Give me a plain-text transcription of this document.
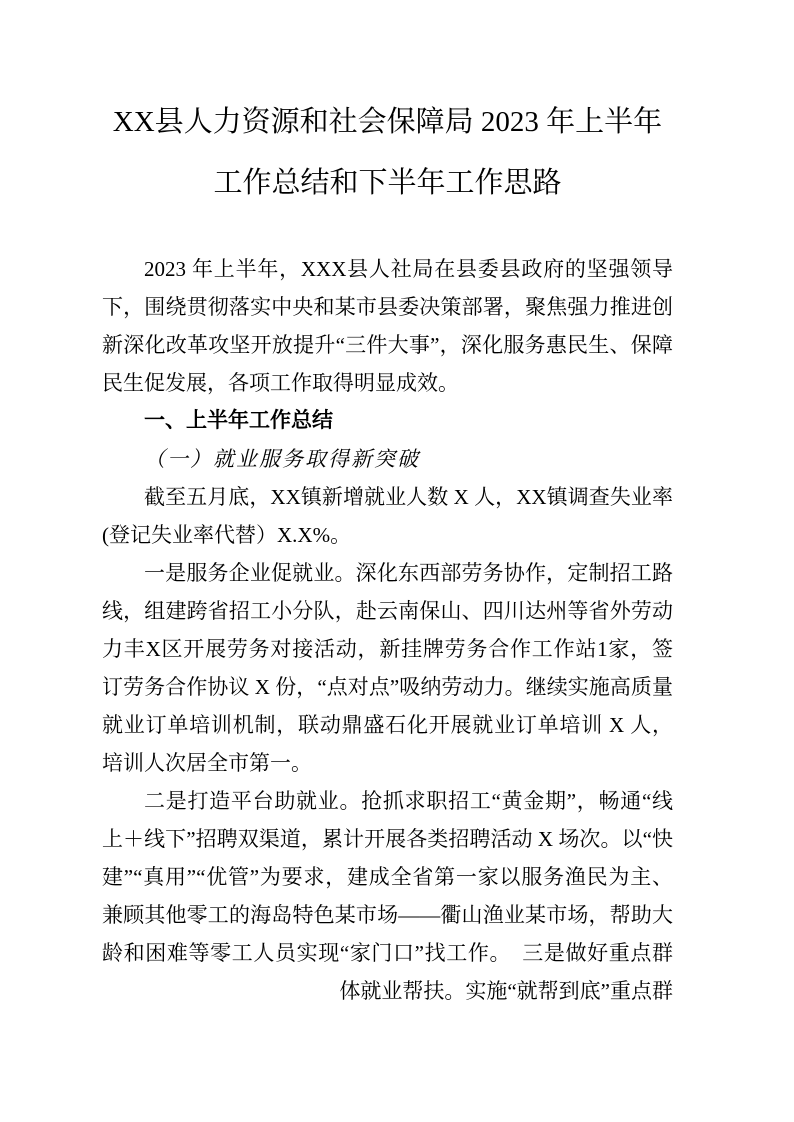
XX县人力资源和社会保障局 2023 年上半年
工作总结和下半年工作思路

2023 年上半年，XXX县人社局在县委县政府的坚强领导下，围绕贯彻落实中央和某市县委决策部署，聚焦强力推进创新深化改革攻坚开放提升“三件大事”，深化服务惠民生、保障民生促发展，各项工作取得明显成效。

一、上半年工作总结
（一）就业服务取得新突破

截至五月底，XX镇新增就业人数 X 人，XX镇调查失业率(登记失业率代替）X.X%。

一是服务企业促就业。深化东西部劳务协作，定制招工路线，组建跨省招工小分队，赴云南保山、四川达州等省外劳动力丰X区开展劳务对接活动，新挂牌劳务合作工作站1家，签订劳务合作协议 X 份，“点对点”吸纳劳动力。继续实施高质量就业订单培训机制，联动鼎盛石化开展就业订单培训 X 人，培训人次居全市第一。

二是打造平台助就业。抢抓求职招工“黄金期”，畅通“线上＋线下”招聘双渠道，累计开展各类招聘活动 X 场次。以“快建”“真用”“优管”为要求，建成全省第一家以服务渔民为主、兼顾其他零工的海岛特色某市场——衢山渔业某市场，帮助大龄和困难等零工人员实现“家门口”找工作。　三是做好重点群体就业帮扶。实施“就帮到底”重点群
